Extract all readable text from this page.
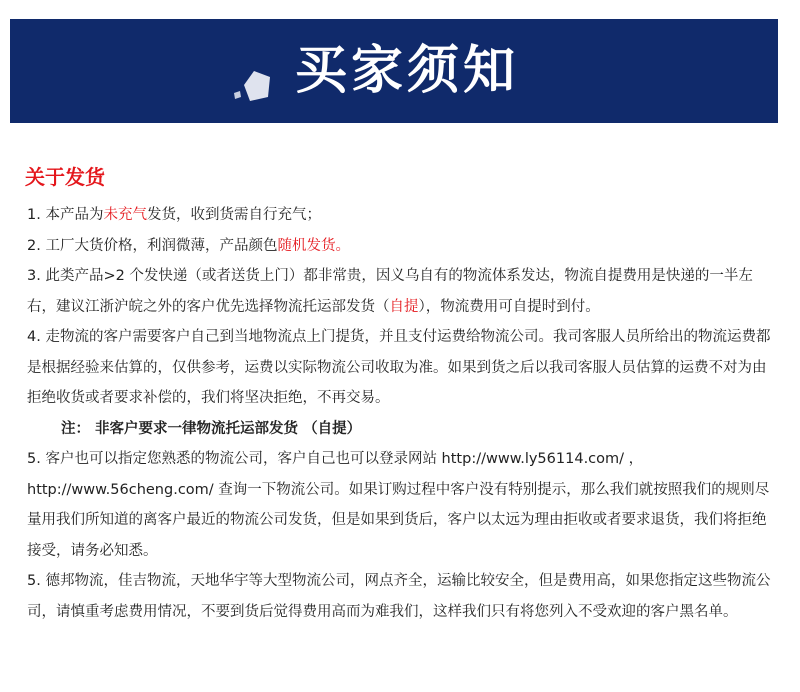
买家须知
关于发货

1. 本产品为未充气发货，收到货需自行充气；

2. 工厂大货价格，利润微薄，产品颜色随机发货。

3. 此类产品>2 个发快递（或者送货上门）都非常贵，因义乌自有的物流体系发达，物流自提费用是快递的一半左右，建议江浙沪皖之外的客户优先选择物流托运部发货（自提），物流费用可自提时到付。

4. 走物流的客户需要客户自己到当地物流点上门提货，并且支付运费给物流公司。我司客服人员所给出的物流运费都是根据经验来估算的，仅供参考，运费以实际物流公司收取为准。如果到货之后以我司客服人员估算的运费不对为由拒绝收货或者要求补偿的，我们将坚决拒绝，不再交易。

注： 非客户要求一律物流托运部发货 （自提）

5. 客户也可以指定您熟悉的物流公司，客户自己也可以登录网站 http://www.ly56114.com/ ，http://www.56cheng.com/ 查询一下物流公司。如果订购过程中客户没有特别提示，那么我们就按照我们的规则尽量用我们所知道的离客户最近的物流公司发货，但是如果到货后，客户以太远为理由拒收或者要求退货，我们将拒绝接受，请务必知悉。

5. 德邦物流，佳吉物流，天地华宇等大型物流公司，网点齐全，运输比较安全，但是费用高，如果您指定这些物流公司，请慎重考虑费用情况，不要到货后觉得费用高而为难我们，这样我们只有将您列入不受欢迎的客户黑名单。
